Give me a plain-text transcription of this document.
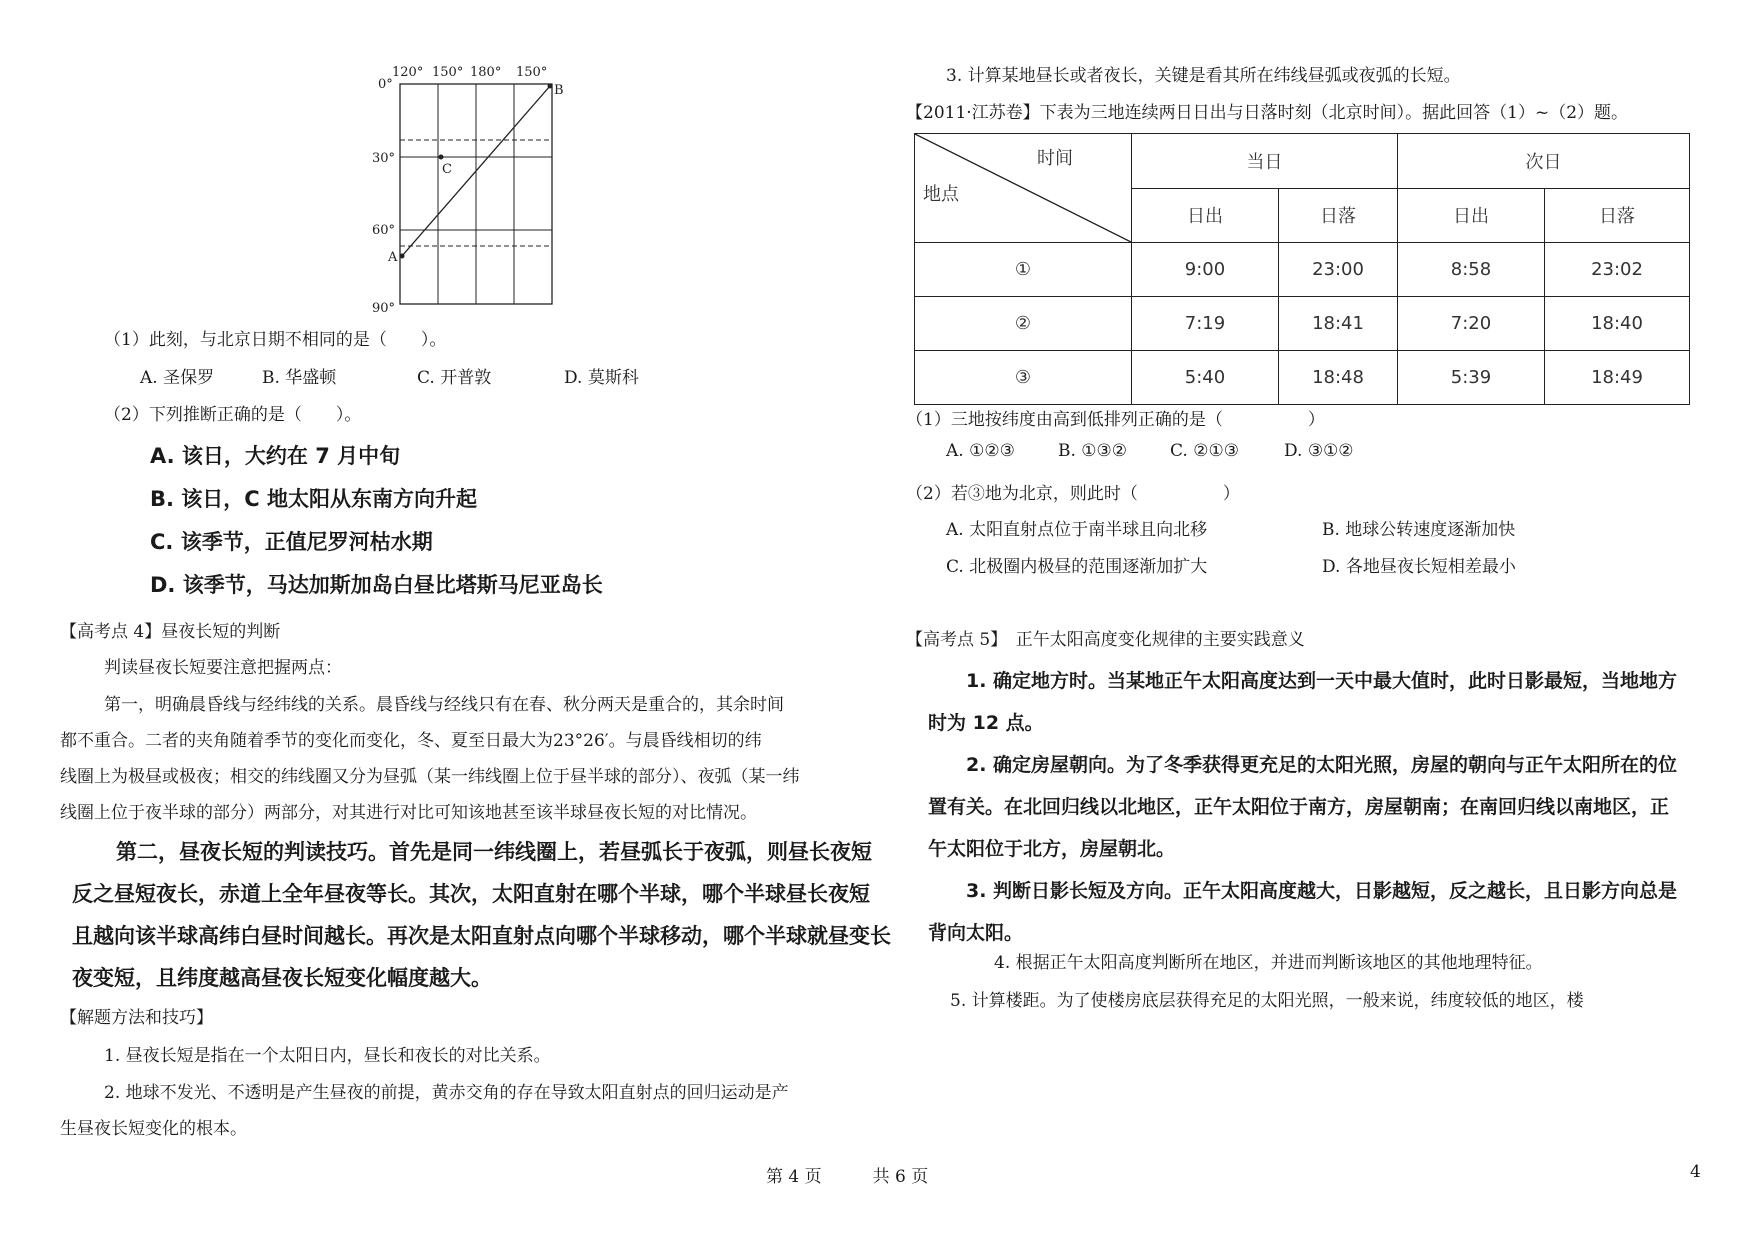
120° 150° 180° 150°
0°
30°
60°
90°
B
C
A
（1）此刻，与北京日期不相同的是（　　）。
A. 圣保罗	B. 华盛顿	C. 开普敦	D. 莫斯科
（2）下列推断正确的是（　　）。
A. 该日，大约在 7 月中旬
B. 该日，C 地太阳从东南方向升起
C. 该季节，正值尼罗河枯水期
D. 该季节，马达加斯加岛白昼比塔斯马尼亚岛长
【高考点 4】昼夜长短的判断
判读昼夜长短要注意把握两点：
第一，明确晨昏线与经纬线的关系。晨昏线与经线只有在春、秋分两天是重合的，其余时间
都不重合。二者的夹角随着季节的变化而变化，冬、夏至日最大为23°26′。与晨昏线相切的纬
线圈上为极昼或极夜；相交的纬线圈又分为昼弧（某一纬线圈上位于昼半球的部分）、夜弧（某一纬
线圈上位于夜半球的部分）两部分，对其进行对比可知该地甚至该半球昼夜长短的对比情况。
第二，昼夜长短的判读技巧。首先是同一纬线圈上，若昼弧长于夜弧，则昼长夜短
反之昼短夜长，赤道上全年昼夜等长。其次，太阳直射在哪个半球，哪个半球昼长夜短
且越向该半球高纬白昼时间越长。再次是太阳直射点向哪个半球移动，哪个半球就昼变长
夜变短，且纬度越高昼夜长短变化幅度越大。
【解题方法和技巧】
1. 昼夜长短是指在一个太阳日内，昼长和夜长的对比关系。
2. 地球不发光、不透明是产生昼夜的前提，黄赤交角的存在导致太阳直射点的回归运动是产
生昼夜长短变化的根本。
3. 计算某地昼长或者夜长，关键是看其所在纬线昼弧或夜弧的长短。
【2011·江苏卷】下表为三地连续两日日出与日落时刻（北京时间）。据此回答（1）~（2）题。
时间
地点	当日		次日	
	日出	日落	日出	日落
①	9:00	23:00	8:58	23:02
②	7:19	18:41	7:20	18:40
③	5:40	18:48	5:39	18:49
（1）三地按纬度由高到低排列正确的是（　　　　　）
A. ①②③	B. ①③②	C. ②①③	D. ③①②
（2）若③地为北京，则此时（　　　　　）
A. 太阳直射点位于南半球且向北移	B. 地球公转速度逐渐加快
C. 北极圈内极昼的范围逐渐加扩大	D. 各地昼夜长短相差最小
【高考点 5】　正午太阳高度变化规律的主要实践意义
1. 确定地方时。当某地正午太阳高度达到一天中最大值时，此时日影最短，当地地方
时为 12 点。
2. 确定房屋朝向。为了冬季获得更充足的太阳光照，房屋的朝向与正午太阳所在的位
置有关。在北回归线以北地区，正午太阳位于南方，房屋朝南；在南回归线以南地区，正
午太阳位于北方，房屋朝北。
3. 判断日影长短及方向。正午太阳高度越大，日影越短，反之越长，且日影方向总是
背向太阳。
4. 根据正午太阳高度判断所在地区，并进而判断该地区的其他地理特征。
5. 计算楼距。为了使楼房底层获得充足的太阳光照，一般来说，纬度较低的地区，楼
第 4 页　　　共 6 页	4
